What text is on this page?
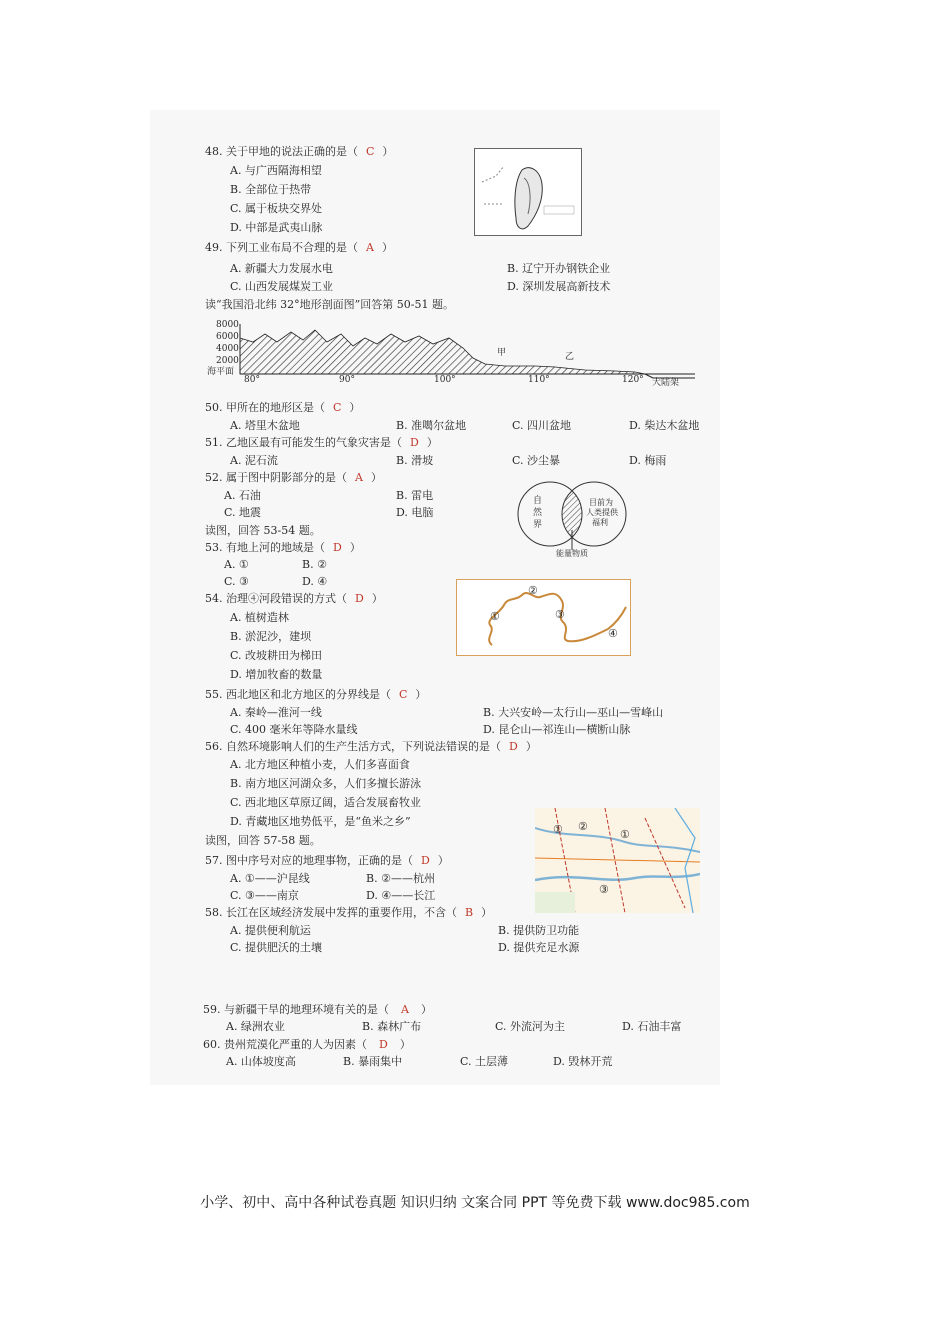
48. 关于甲地的说法正确的是（ C ）
A. 与广西隔海相望
B. 全部位于热带
C. 属于板块交界处
D. 中部是武夷山脉
49. 下列工业布局不合理的是（ A ）
A. 新疆大力发展水电	B. 辽宁开办钢铁企业
C. 山西发展煤炭工业	D. 深圳发展高新技术
读“我国沿北纬 32°地形剖面图”回答第 50-51 题。
8000
6000
4000
2000
海平面
80°	90°	100°	110°	120° 大陆架
甲	乙
50. 甲所在的地形区是（ C ）
A. 塔里木盆地	B. 准噶尔盆地	C. 四川盆地	D. 柴达木盆地
51. 乙地区最有可能发生的气象灾害是（ D ）
A. 泥石流	B. 滑坡	C. 沙尘暴	D. 梅雨
52. 属于图中阴影部分的是（ A ）
A. 石油	B. 雷电
C. 地震	D. 电脑
自
然
界
目前为
人类提供
福利
能量物质
读图，回答 53-54 题。
53. 有地上河的地域是（ D ）
A. ①	B. ②
C. ③	D. ④
②
①	③
④
54. 治理④河段错误的方式（ D ）
A. 植树造林
B. 淤泥沙，建坝
C. 改坡耕田为梯田
D. 增加牧畜的数量
55. 西北地区和北方地区的分界线是（ C ）
A. 秦岭—淮河一线	B. 大兴安岭—太行山—巫山—雪峰山
C. 400 毫米年等降水量线	D. 昆仑山—祁连山—横断山脉
56. 自然环境影响人们的生产生活方式，下列说法错误的是（ D ）
A. 北方地区种植小麦，人们多喜面食
B. 南方地区河湖众多，人们多擅长游泳
C. 西北地区草原辽阔，适合发展畜牧业
D. 青藏地区地势低平，是“鱼米之乡”
① ②
①
③
读图，回答 57-58 题。
57. 图中序号对应的地理事物，正确的是（ D ）
A. ①——沪昆线	B. ②——杭州
C. ③——南京	D. ④——长江
58. 长江在区域经济发展中发挥的重要作用，不含（ B ）
A. 提供便利航运	B. 提供防卫功能
C. 提供肥沃的土壤	D. 提供充足水源
59. 与新疆干旱的地理环境有关的是（ A ）
A. 绿洲农业	B. 森林广布	C. 外流河为主	D. 石油丰富
60. 贵州荒漠化严重的人为因素（ D ）
A. 山体坡度高	B. 暴雨集中	C. 土层薄	D. 毁林开荒
小学、初中、高中各种试卷真题 知识归纳 文案合同 PPT 等免费下载 www.doc985.com
